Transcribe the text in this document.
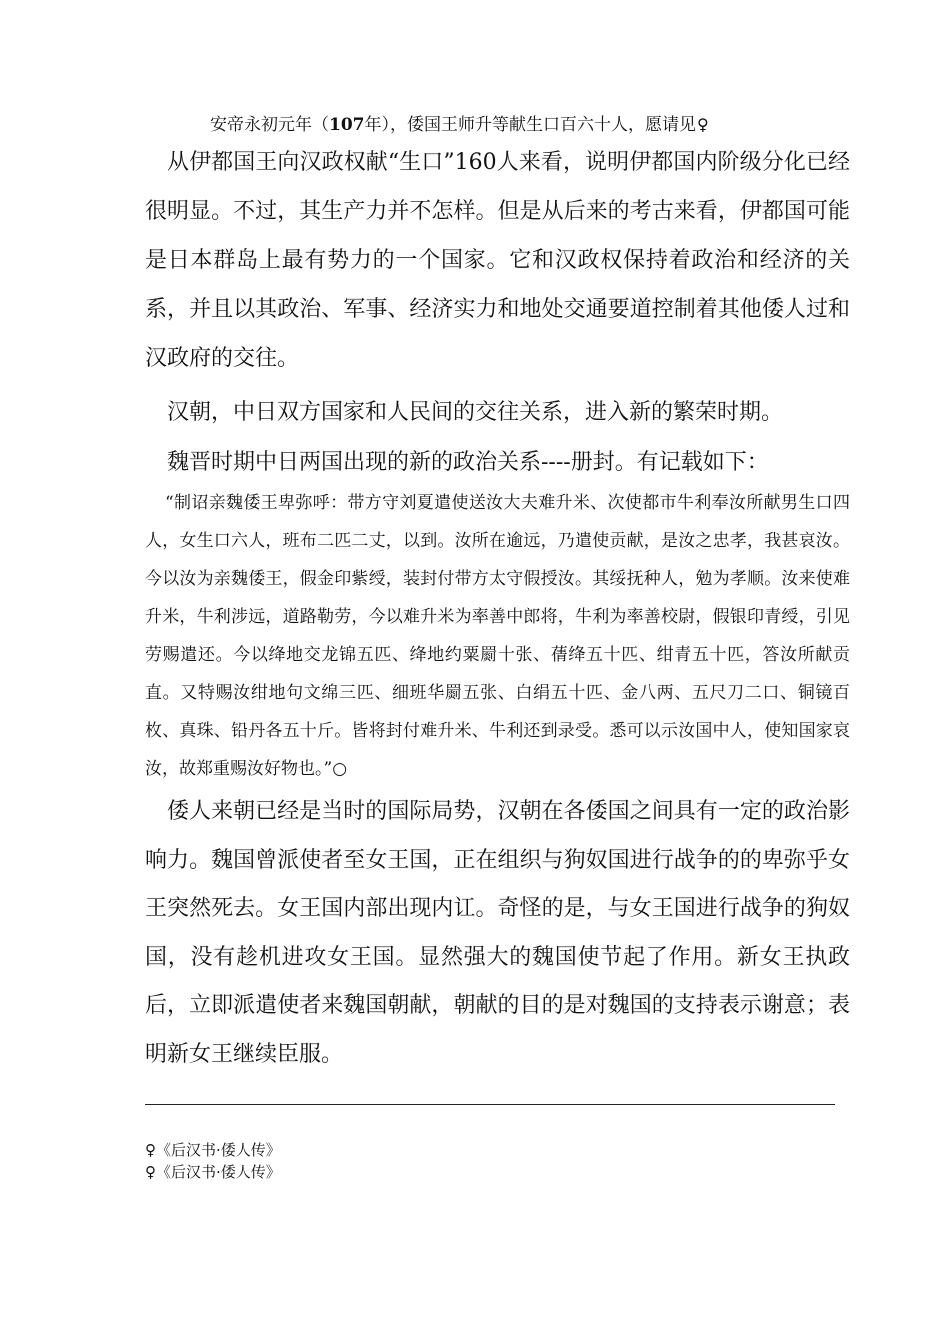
安帝永初元年（107年），倭国王师升等献生口百六十人，愿请见♀

从伊都国王向汉政权献“生口”160人来看，说明伊都国内阶级分化已经很明显。不过，其生产力并不怎样。但是从后来的考古来看，伊都国可能是日本群岛上最有势力的一个国家。它和汉政权保持着政治和经济的关系，并且以其政治、军事、经济实力和地处交通要道控制着其他倭人过和汉政府的交往。

汉朝，中日双方国家和人民间的交往关系，进入新的繁荣时期。

魏晋时期中日两国出现的新的政治关系----册封。有记载如下：

“制诏亲魏倭王卑弥呼：带方守刘夏遣使送汝大夫难升米、次使都市牛利奉汝所献男生口四人，女生口六人，班布二匹二丈，以到。汝所在逾远，乃遣使贡献，是汝之忠孝，我甚哀汝。今以汝为亲魏倭王，假金印紫绶，装封付带方太守假授汝。其绥抚种人，勉为孝顺。汝来使难升米，牛利涉远，道路勒劳，今以难升米为率善中郎将，牛利为率善校尉，假银印青绶，引见劳赐遣还。今以绛地交龙锦五匹、绛地约粟罽十张、蒨绛五十匹、绀青五十匹，答汝所献贡直。又特赐汝绀地句文绵三匹、细班华罽五张、白绢五十匹、金八两、五尺刀二口、铜镜百枚、真珠、铅丹各五十斤。皆将封付难升米、牛利还到录受。悉可以示汝国中人，使知国家哀汝，故郑重赐汝好物也。”○

倭人来朝已经是当时的国际局势，汉朝在各倭国之间具有一定的政治影响力。魏国曾派使者至女王国，正在组织与狗奴国进行战争的的卑弥乎女王突然死去。女王国内部出现内讧。奇怪的是，与女王国进行战争的狗奴国，没有趁机进攻女王国。显然强大的魏国使节起了作用。新女王执政后，立即派遣使者来魏国朝献，朝献的目的是对魏国的支持表示谢意；表明新女王继续臣服。

♀《后汉书·倭人传》
♀《后汉书·倭人传》
